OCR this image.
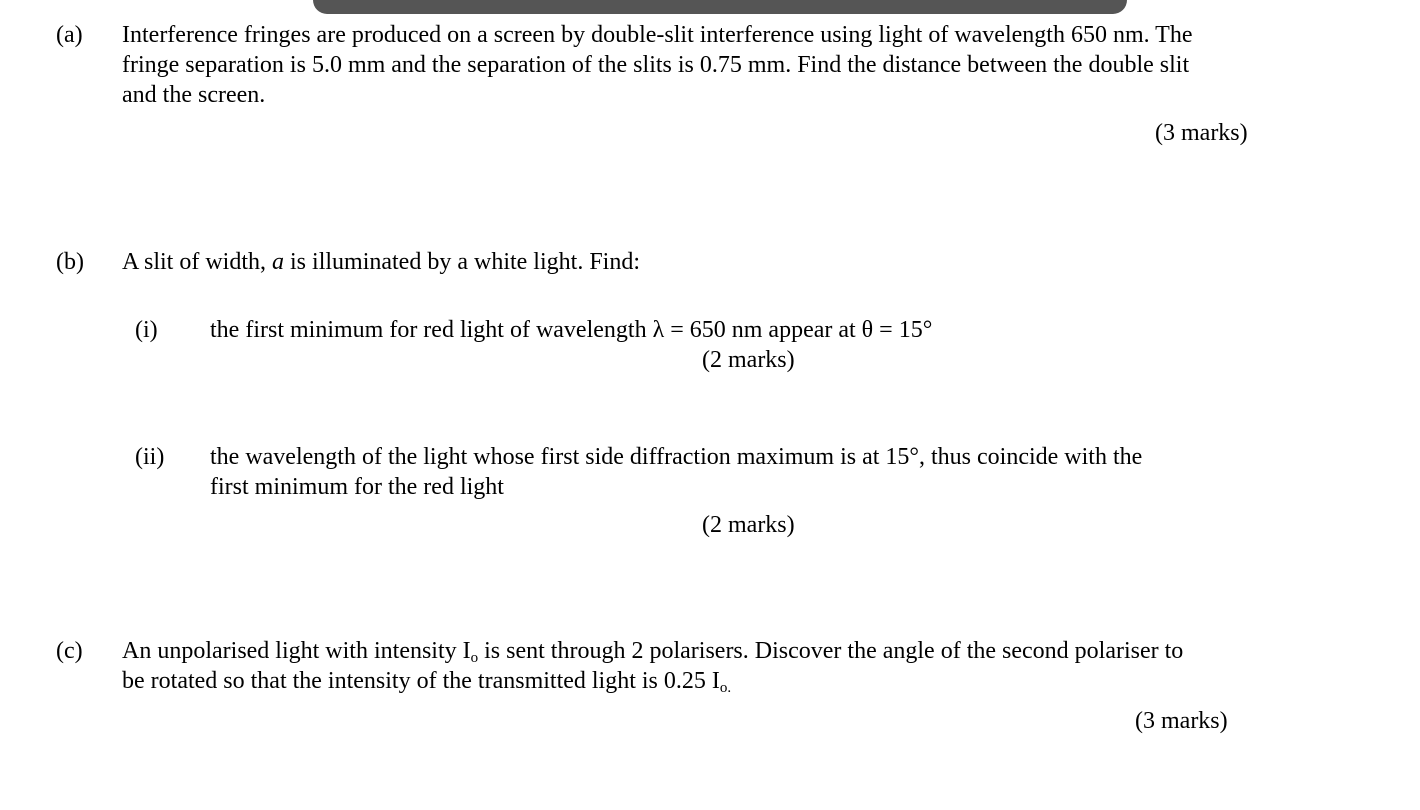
(a) Interference fringes are produced on a screen by double-slit interference using light of wavelength 650 nm. The
fringe separation is 5.0 mm and the separation of the slits is 0.75 mm. Find the distance between the double slit
and the screen.
(3 marks)
(b) A slit of width, a is illuminated by a white light. Find:
(i) the first minimum for red light of wavelength λ = 650 nm appear at θ = 15°
(2 marks)
(ii) the wavelength of the light whose first side diffraction maximum is at 15°, thus coincide with the
first minimum for the red light
(2 marks)
(c) An unpolarised light with intensity $I_o$ is sent through 2 polarisers. Discover the angle of the second polariser to
be rotated so that the intensity of the transmitted light is 0.25 $I_{o.}$
(3 marks)
